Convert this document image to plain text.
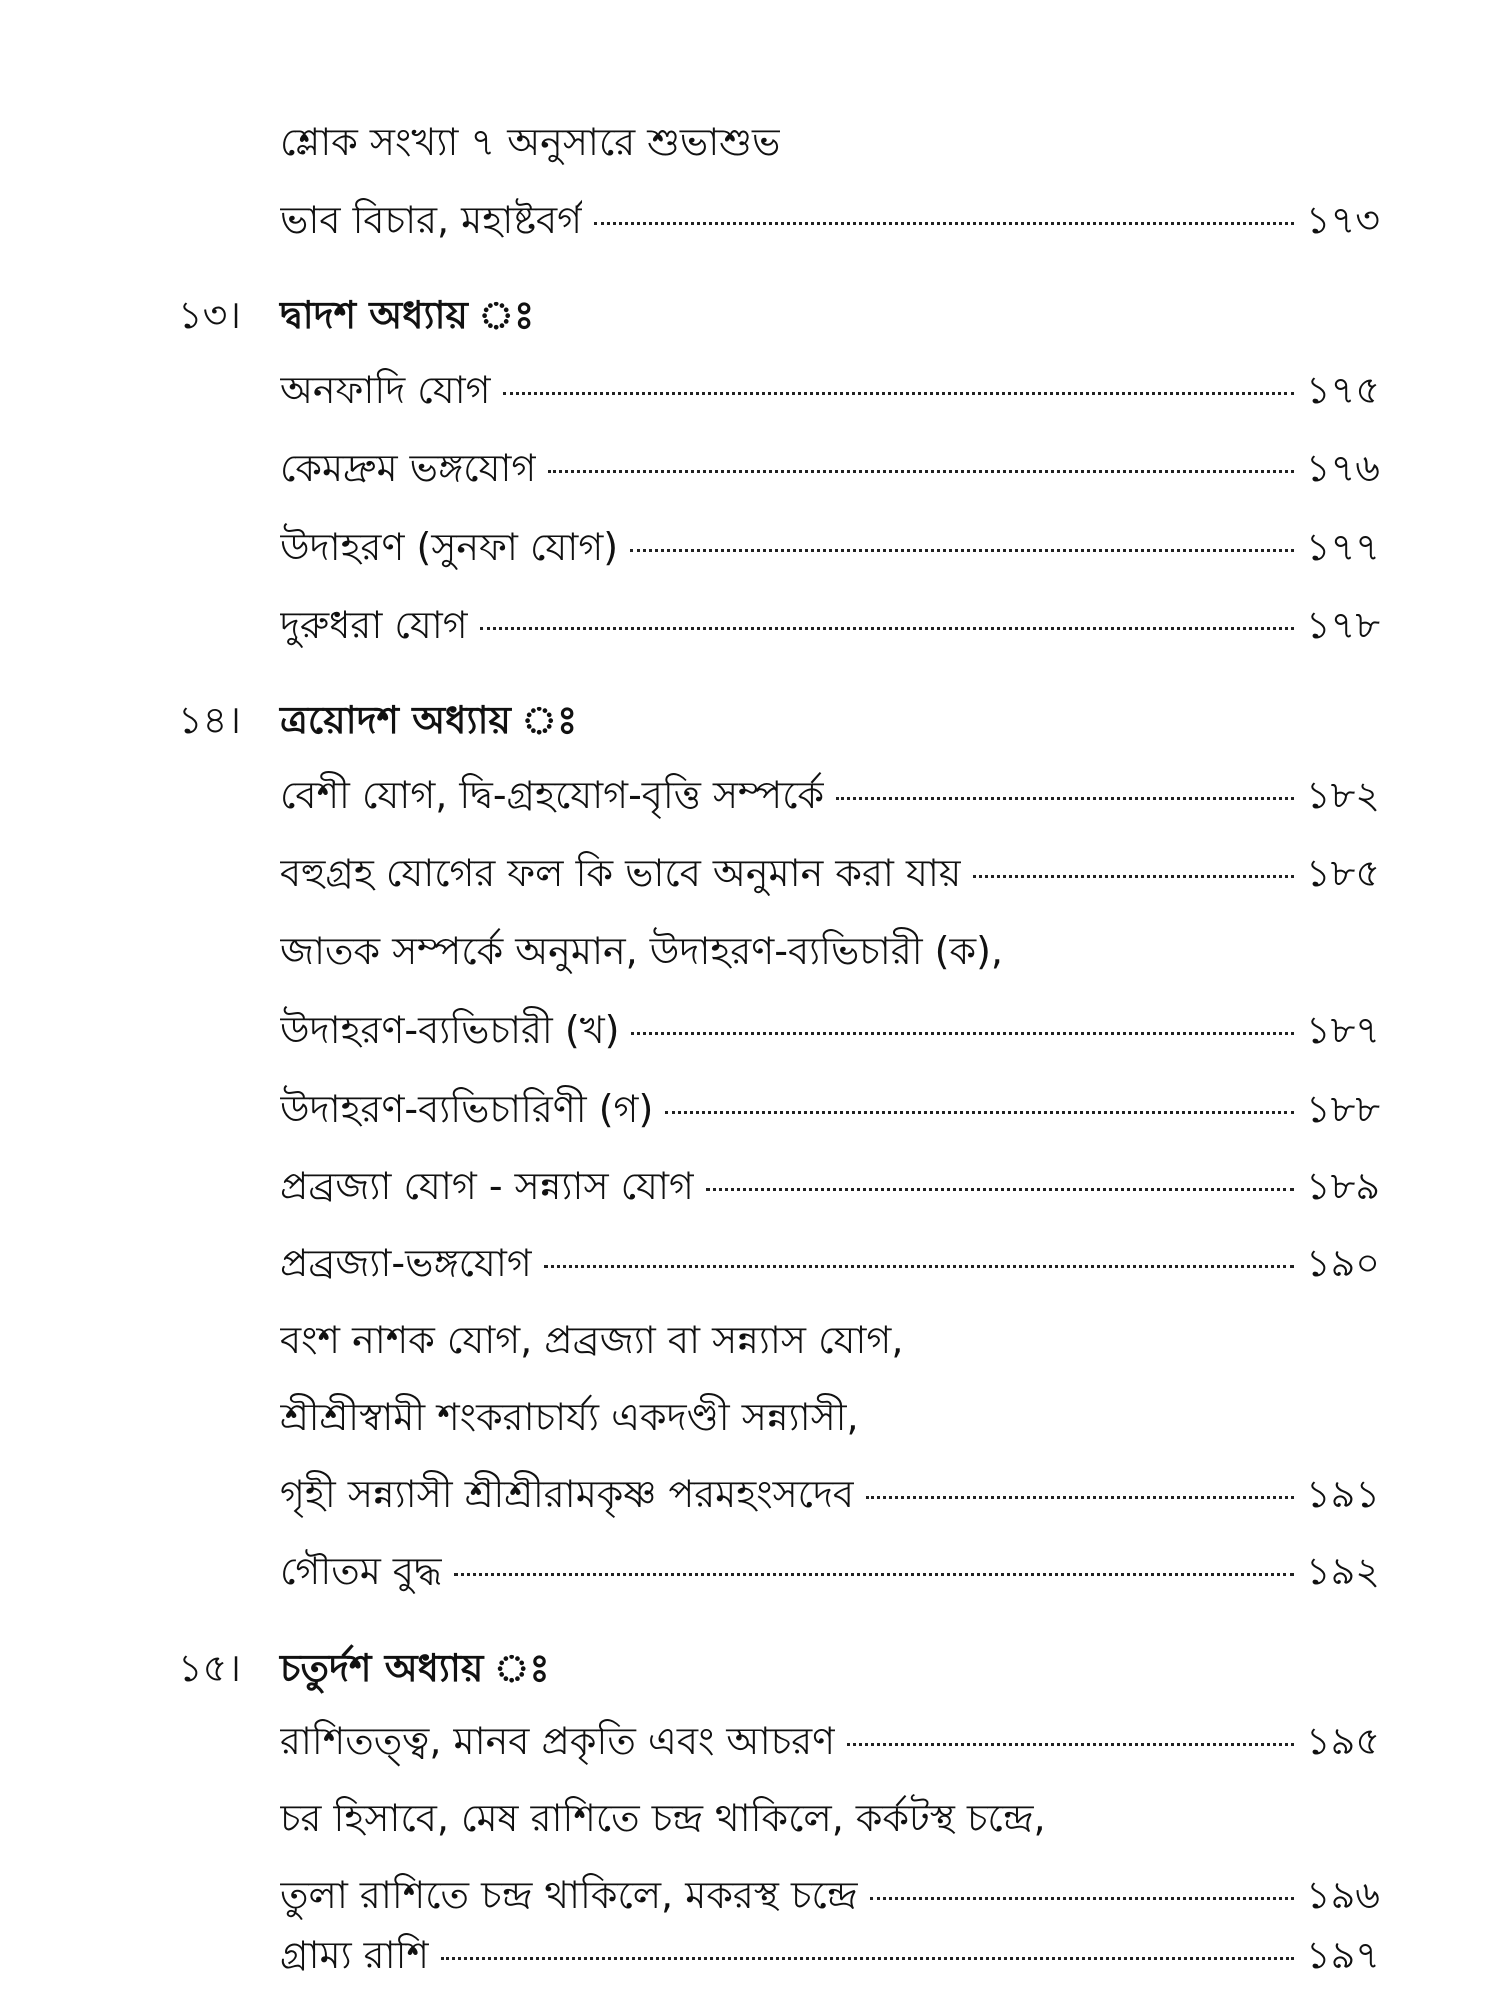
শ্লোক সংখ্যা ৭ অনুসারে শুভাশুভ
ভাব বিচার, মহাষ্টবর্গ	১৭৩
১৩।	দ্বাদশ অধ্যায় ঃ
অনফাদি যোগ	১৭৫
কেমদ্রুম ভঙ্গযোগ	১৭৬
উদাহরণ (সুনফা যোগ)	১৭৭
দুরুধরা যোগ	১৭৮
১৪।	ত্রয়োদশ অধ্যায় ঃ
বেশী যোগ, দ্বি-গ্রহযোগ-বৃত্তি সম্পর্কে	১৮২
বহুগ্রহ যোগের ফল কি ভাবে অনুমান করা যায়	১৮৫
জাতক সম্পর্কে অনুমান, উদাহরণ-ব্যভিচারী (ক),
উদাহরণ-ব্যভিচারী (খ)	১৮৭
উদাহরণ-ব্যভিচারিণী (গ)	১৮৮
প্রব্রজ্যা যোগ - সন্ন্যাস যোগ	১৮৯
প্রব্রজ্যা-ভঙ্গযোগ	১৯০
বংশ নাশক যোগ, প্রব্রজ্যা বা সন্ন্যাস যোগ,
শ্রীশ্রীস্বামী শংকরাচার্য্য একদণ্ডী সন্ন্যাসী,
গৃহী সন্ন্যাসী শ্রীশ্রীরামকৃষ্ণ পরমহংসদেব	১৯১
গৌতম বুদ্ধ	১৯২
১৫।	চতুর্দশ অধ্যায় ঃ
রাশিতত্ত্ব, মানব প্রকৃতি এবং আচরণ	১৯৫
চর হিসাবে, মেষ রাশিতে চন্দ্র থাকিলে, কর্কটস্থ চন্দ্রে,
তুলা রাশিতে চন্দ্র থাকিলে, মকরস্থ চন্দ্রে	১৯৬
গ্রাম্য রাশি	১৯৭
